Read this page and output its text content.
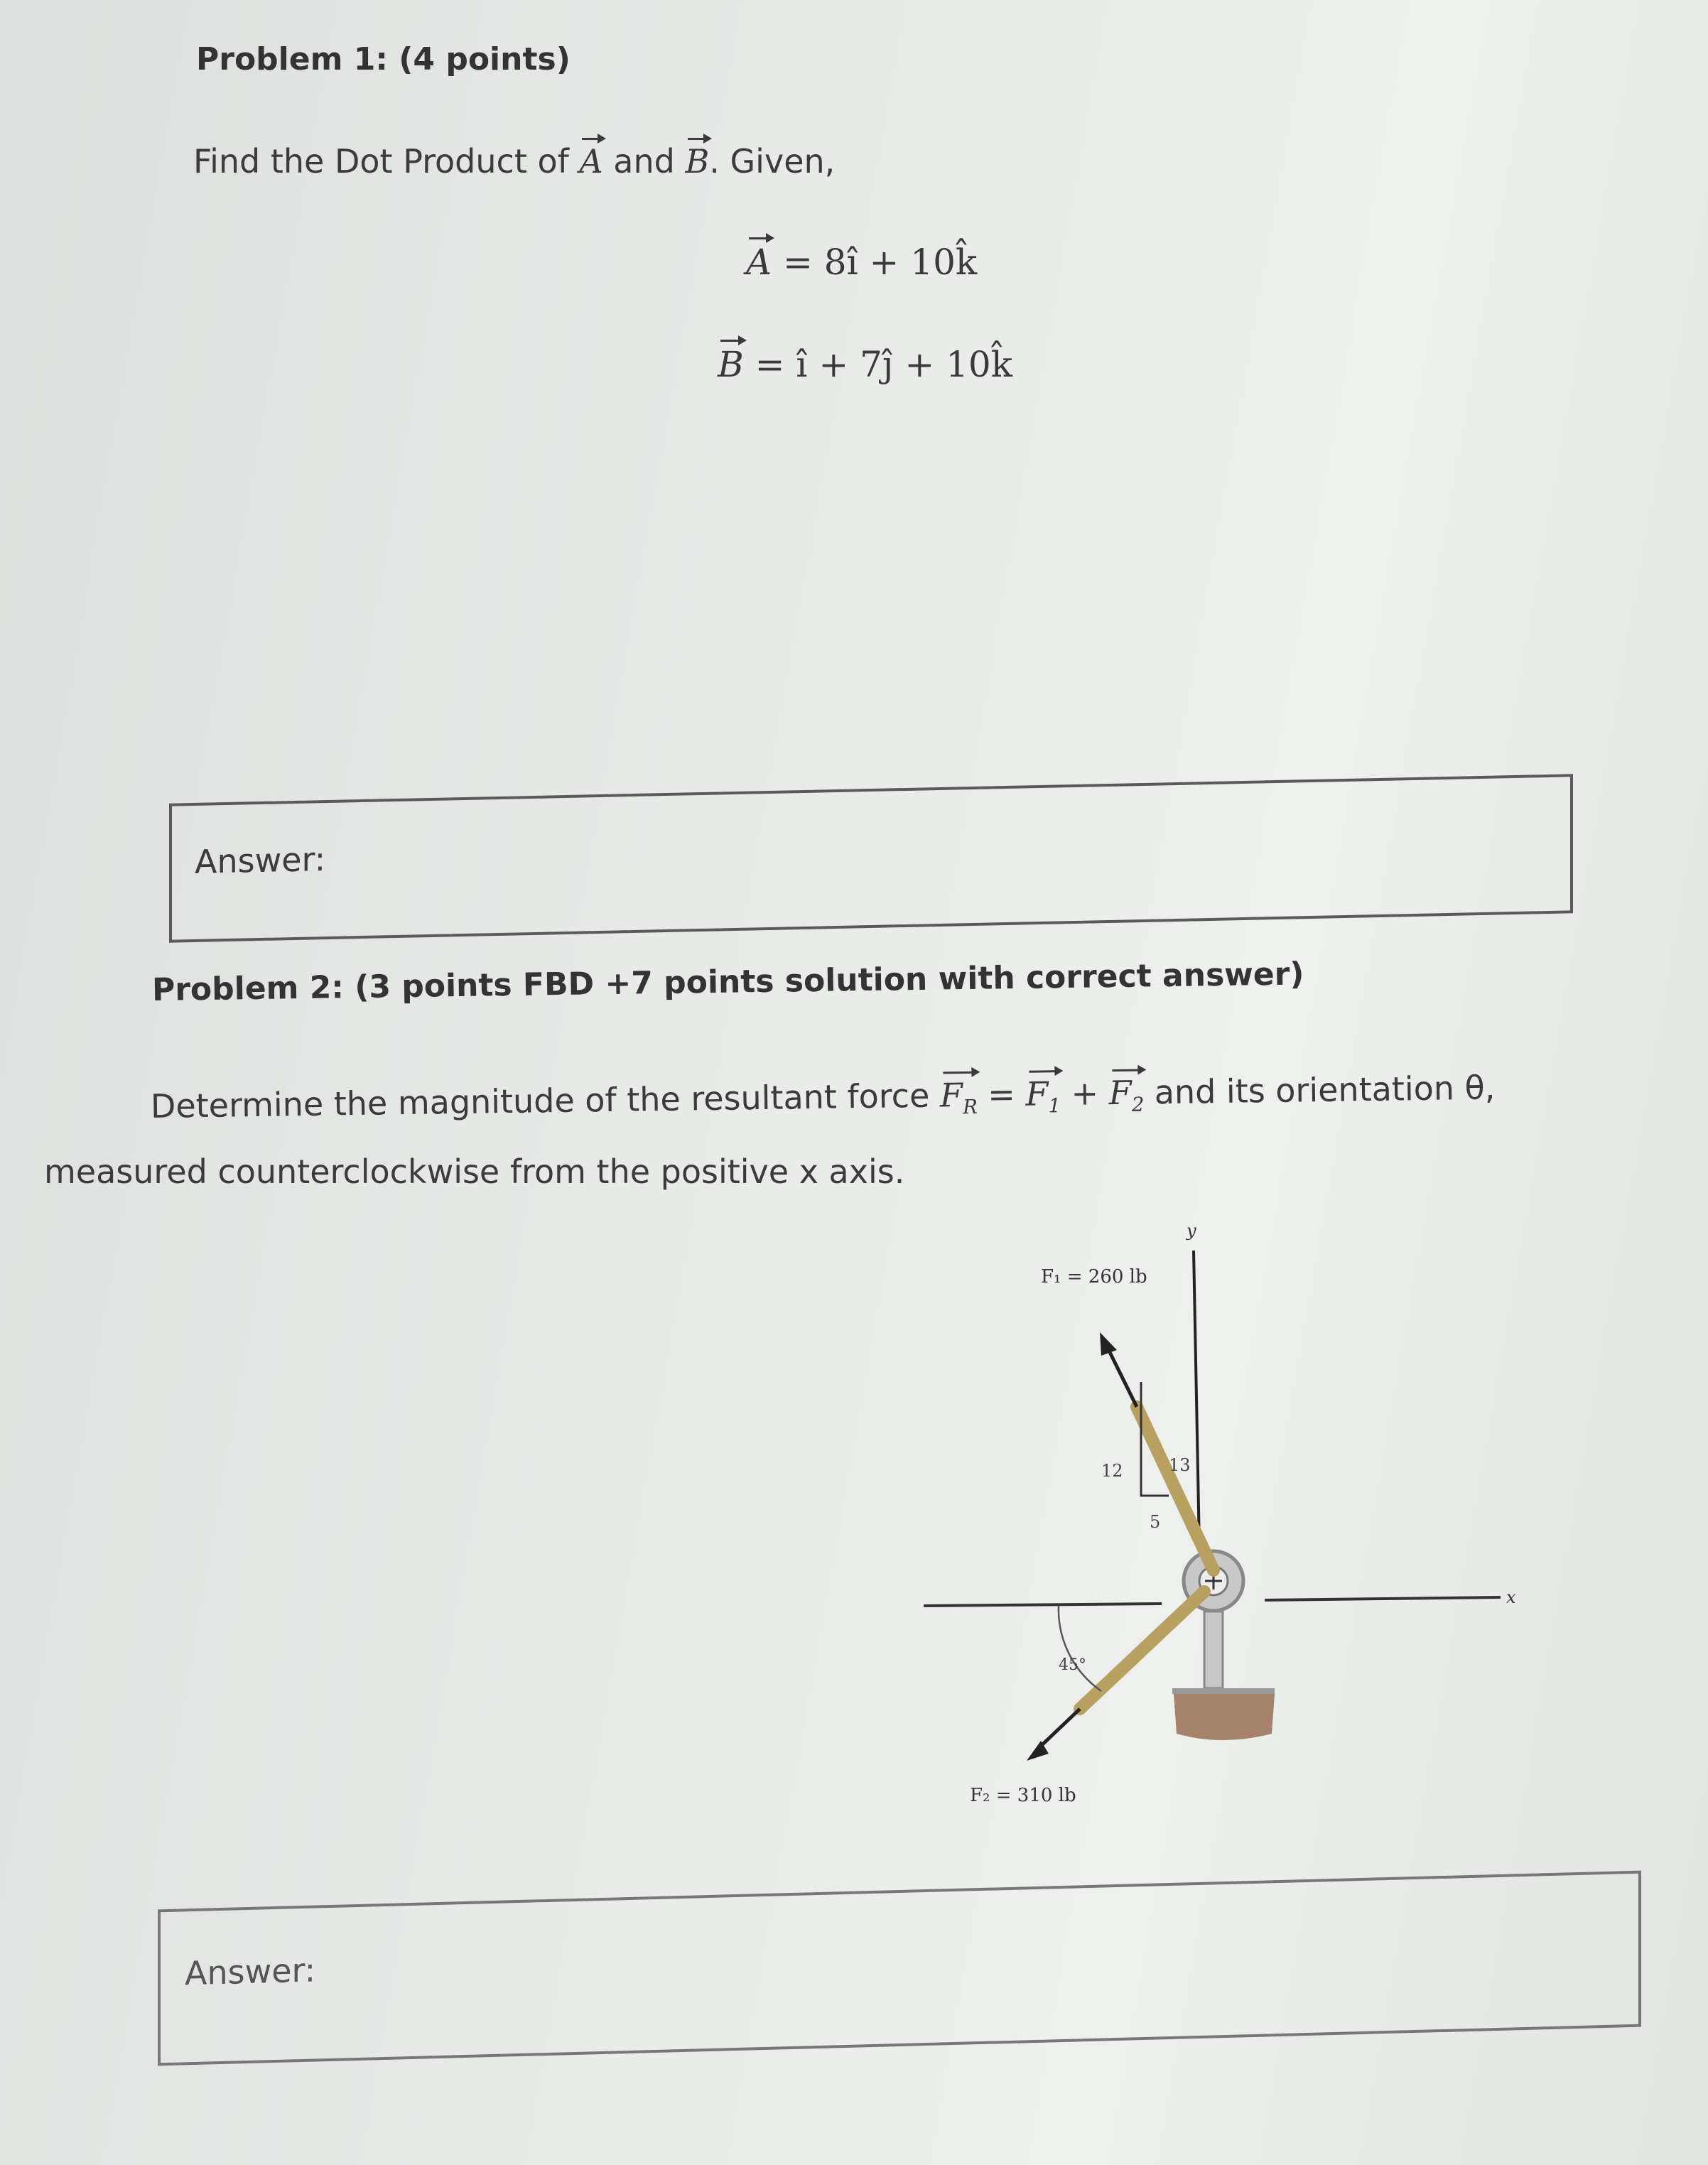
Problem 1: (4 points)
Find the Dot Product of A and B. Given,
A = 8î + 10k̂
B = î + 7ĵ + 10k̂
Answer:
Problem 2: (3 points FBD +7 points solution with correct answer)
Determine the magnitude of the resultant force $F_R = F_1 + F_2$ and its orientation θ,
measured counterclockwise from the positive x axis.
y
x
F₁ = 260 lb
12	13
5
45°
F₂ = 310 lb
Answer:
